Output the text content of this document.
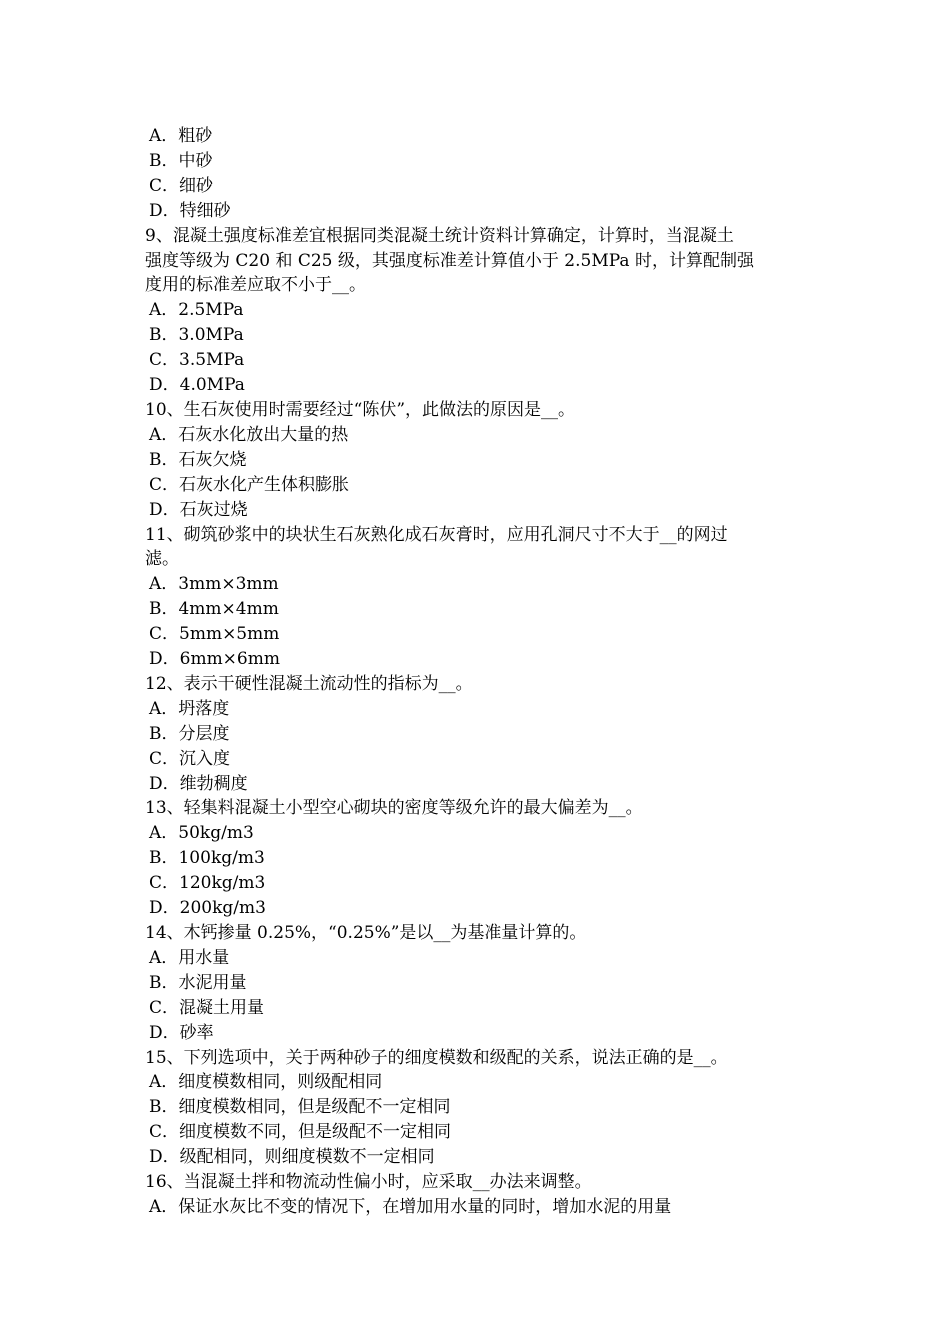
A．粗砂
B．中砂
C．细砂
D．特细砂
9、混凝土强度标准差宜根据同类混凝土统计资料计算确定，计算时，当混凝土
强度等级为 C20 和 C25 级，其强度标准差计算值小于 2.5MPa 时，计算配制强
度用的标准差应取不小于__。
A．2.5MPa
B．3.0MPa
C．3.5MPa
D．4.0MPa
10、生石灰使用时需要经过“陈伏”，此做法的原因是__。
A．石灰水化放出大量的热
B．石灰欠烧
C．石灰水化产生体积膨胀
D．石灰过烧
11、砌筑砂浆中的块状生石灰熟化成石灰膏时，应用孔洞尺寸不大于__的网过
滤。
A．3mm×3mm
B．4mm×4mm
C．5mm×5mm
D．6mm×6mm
12、表示干硬性混凝土流动性的指标为__。
A．坍落度
B．分层度
C．沉入度
D．维勃稠度
13、轻集料混凝土小型空心砌块的密度等级允许的最大偏差为__。
A．50kg/m3
B．100kg/m3
C．120kg/m3
D．200kg/m3
14、木钙掺量 0.25%，“0.25%”是以__为基准量计算的。
A．用水量
B．水泥用量
C．混凝土用量
D．砂率
15、下列选项中，关于两种砂子的细度模数和级配的关系，说法正确的是__。
A．细度模数相同，则级配相同
B．细度模数相同，但是级配不一定相同
C．细度模数不同，但是级配不一定相同
D．级配相同，则细度模数不一定相同
16、当混凝土拌和物流动性偏小时，应采取__办法来调整。
A．保证水灰比不变的情况下，在增加用水量的同时，增加水泥的用量
